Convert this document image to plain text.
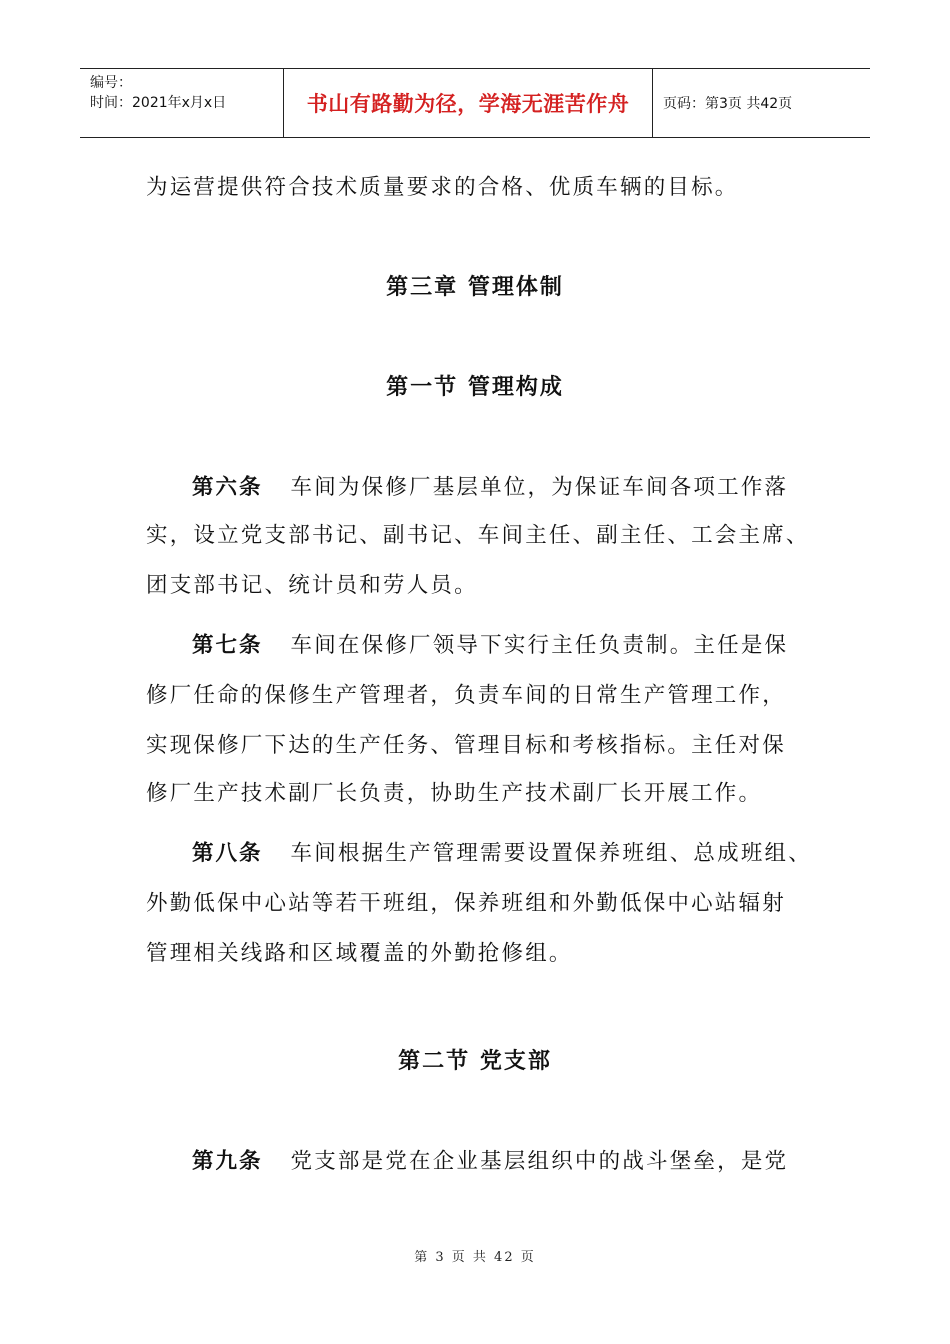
编号：
时间：2021年x月x日	书山有路勤为径，学海无涯苦作舟	页码：第3页 共42页
为运营提供符合技术质量要求的合格、优质车辆的目标。
第三章 管理体制
第一节 管理构成
第六条 车间为保修厂基层单位，为保证车间各项工作落
实，设立党支部书记、副书记、车间主任、副主任、工会主席、
团支部书记、统计员和劳人员。
第七条 车间在保修厂领导下实行主任负责制。主任是保
修厂任命的保修生产管理者，负责车间的日常生产管理工作，
实现保修厂下达的生产任务、管理目标和考核指标。主任对保
修厂生产技术副厂长负责，协助生产技术副厂长开展工作。
第八条 车间根据生产管理需要设置保养班组、总成班组、
外勤低保中心站等若干班组，保养班组和外勤低保中心站辐射
管理相关线路和区域覆盖的外勤抢修组。
第二节 党支部
第九条 党支部是党在企业基层组织中的战斗堡垒，是党
第 3 页 共 42 页
